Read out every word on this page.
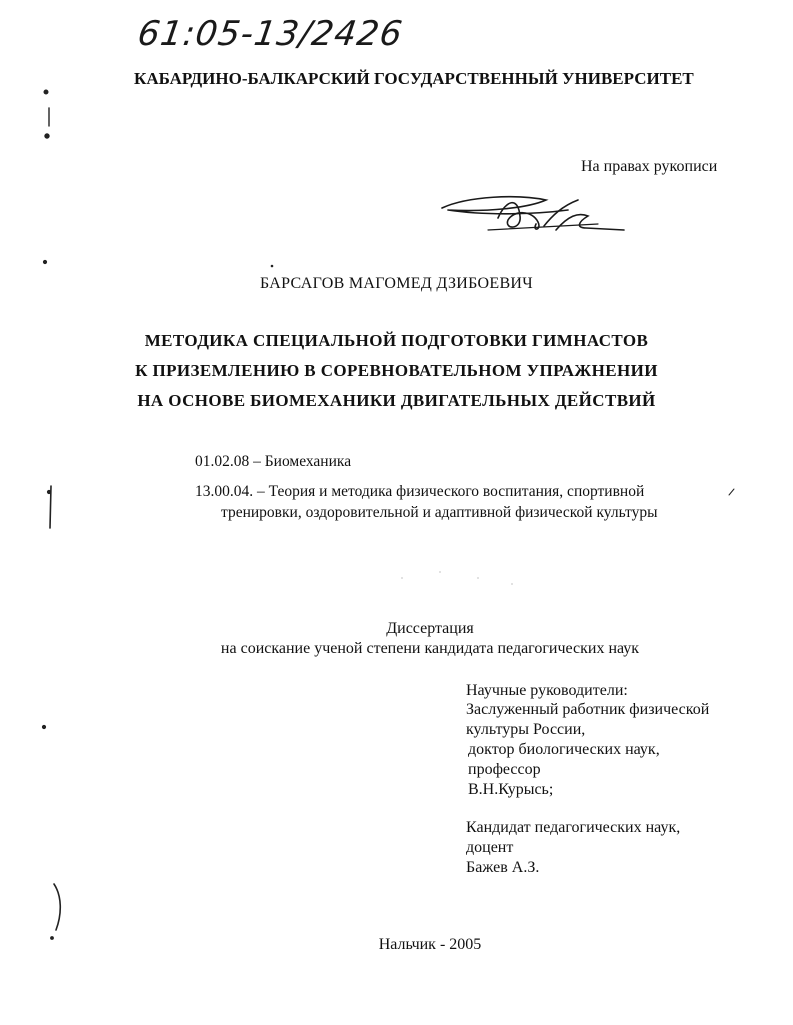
61:05-13/2426
КАБАРДИНО-БАЛКАРСКИЙ ГОСУДАРСТВЕННЫЙ УНИВЕРСИТЕТ
На правах рукописи
БАРСАГОВ МАГОМЕД ДЗИБОЕВИЧ
МЕТОДИКА СПЕЦИАЛЬНОЙ ПОДГОТОВКИ ГИМНАСТОВ
К ПРИЗЕМЛЕНИЮ В СОРЕВНОВАТЕЛЬНОМ УПРАЖНЕНИИ
НА ОСНОВЕ БИОМЕХАНИКИ ДВИГАТЕЛЬНЫХ ДЕЙСТВИЙ
01.02.08 – Биомеханика
13.00.04. – Теория и методика физического воспитания, спортивной
тренировки, оздоровительной и адаптивной физической культуры
Диссертация
на соискание ученой степени кандидата педагогических наук
Научные руководители:
Заслуженный работник физической
культуры России,
доктор биологических наук,
профессор
В.Н.Курысь;
Кандидат педагогических наук,
доцент
Бажев А.З.
Нальчик - 2005
